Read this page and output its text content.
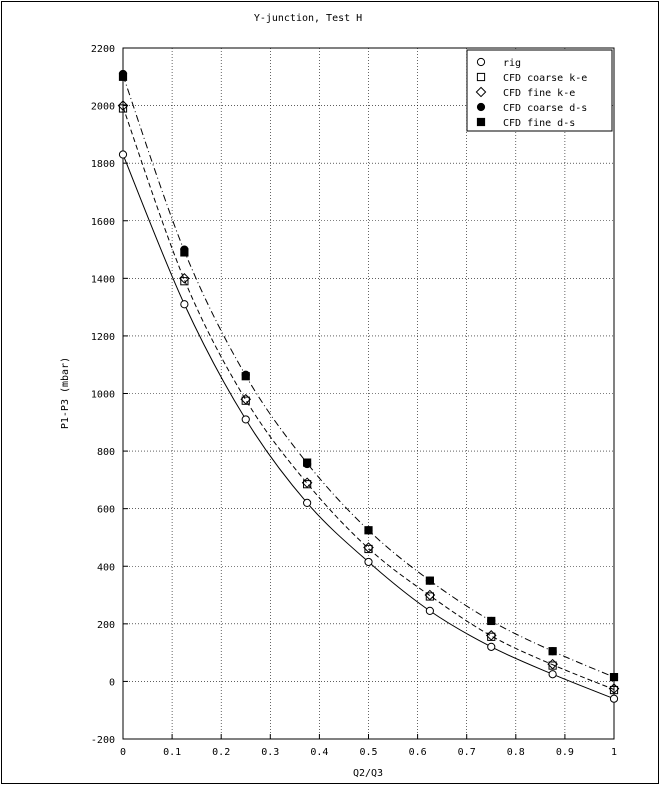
Y-junction, Test H
0	0.1	0.2	0.3	0.4	0.5	0.6	0.7	0.8	0.9	1
-200
0
200
400
600
800
1000
1200
1400
1600
1800
2000
2200
Q2/Q3
P1-P3 (mbar)
rig
CFD coarse k-e
CFD fine k-e
CFD coarse d-s
CFD fine d-s
